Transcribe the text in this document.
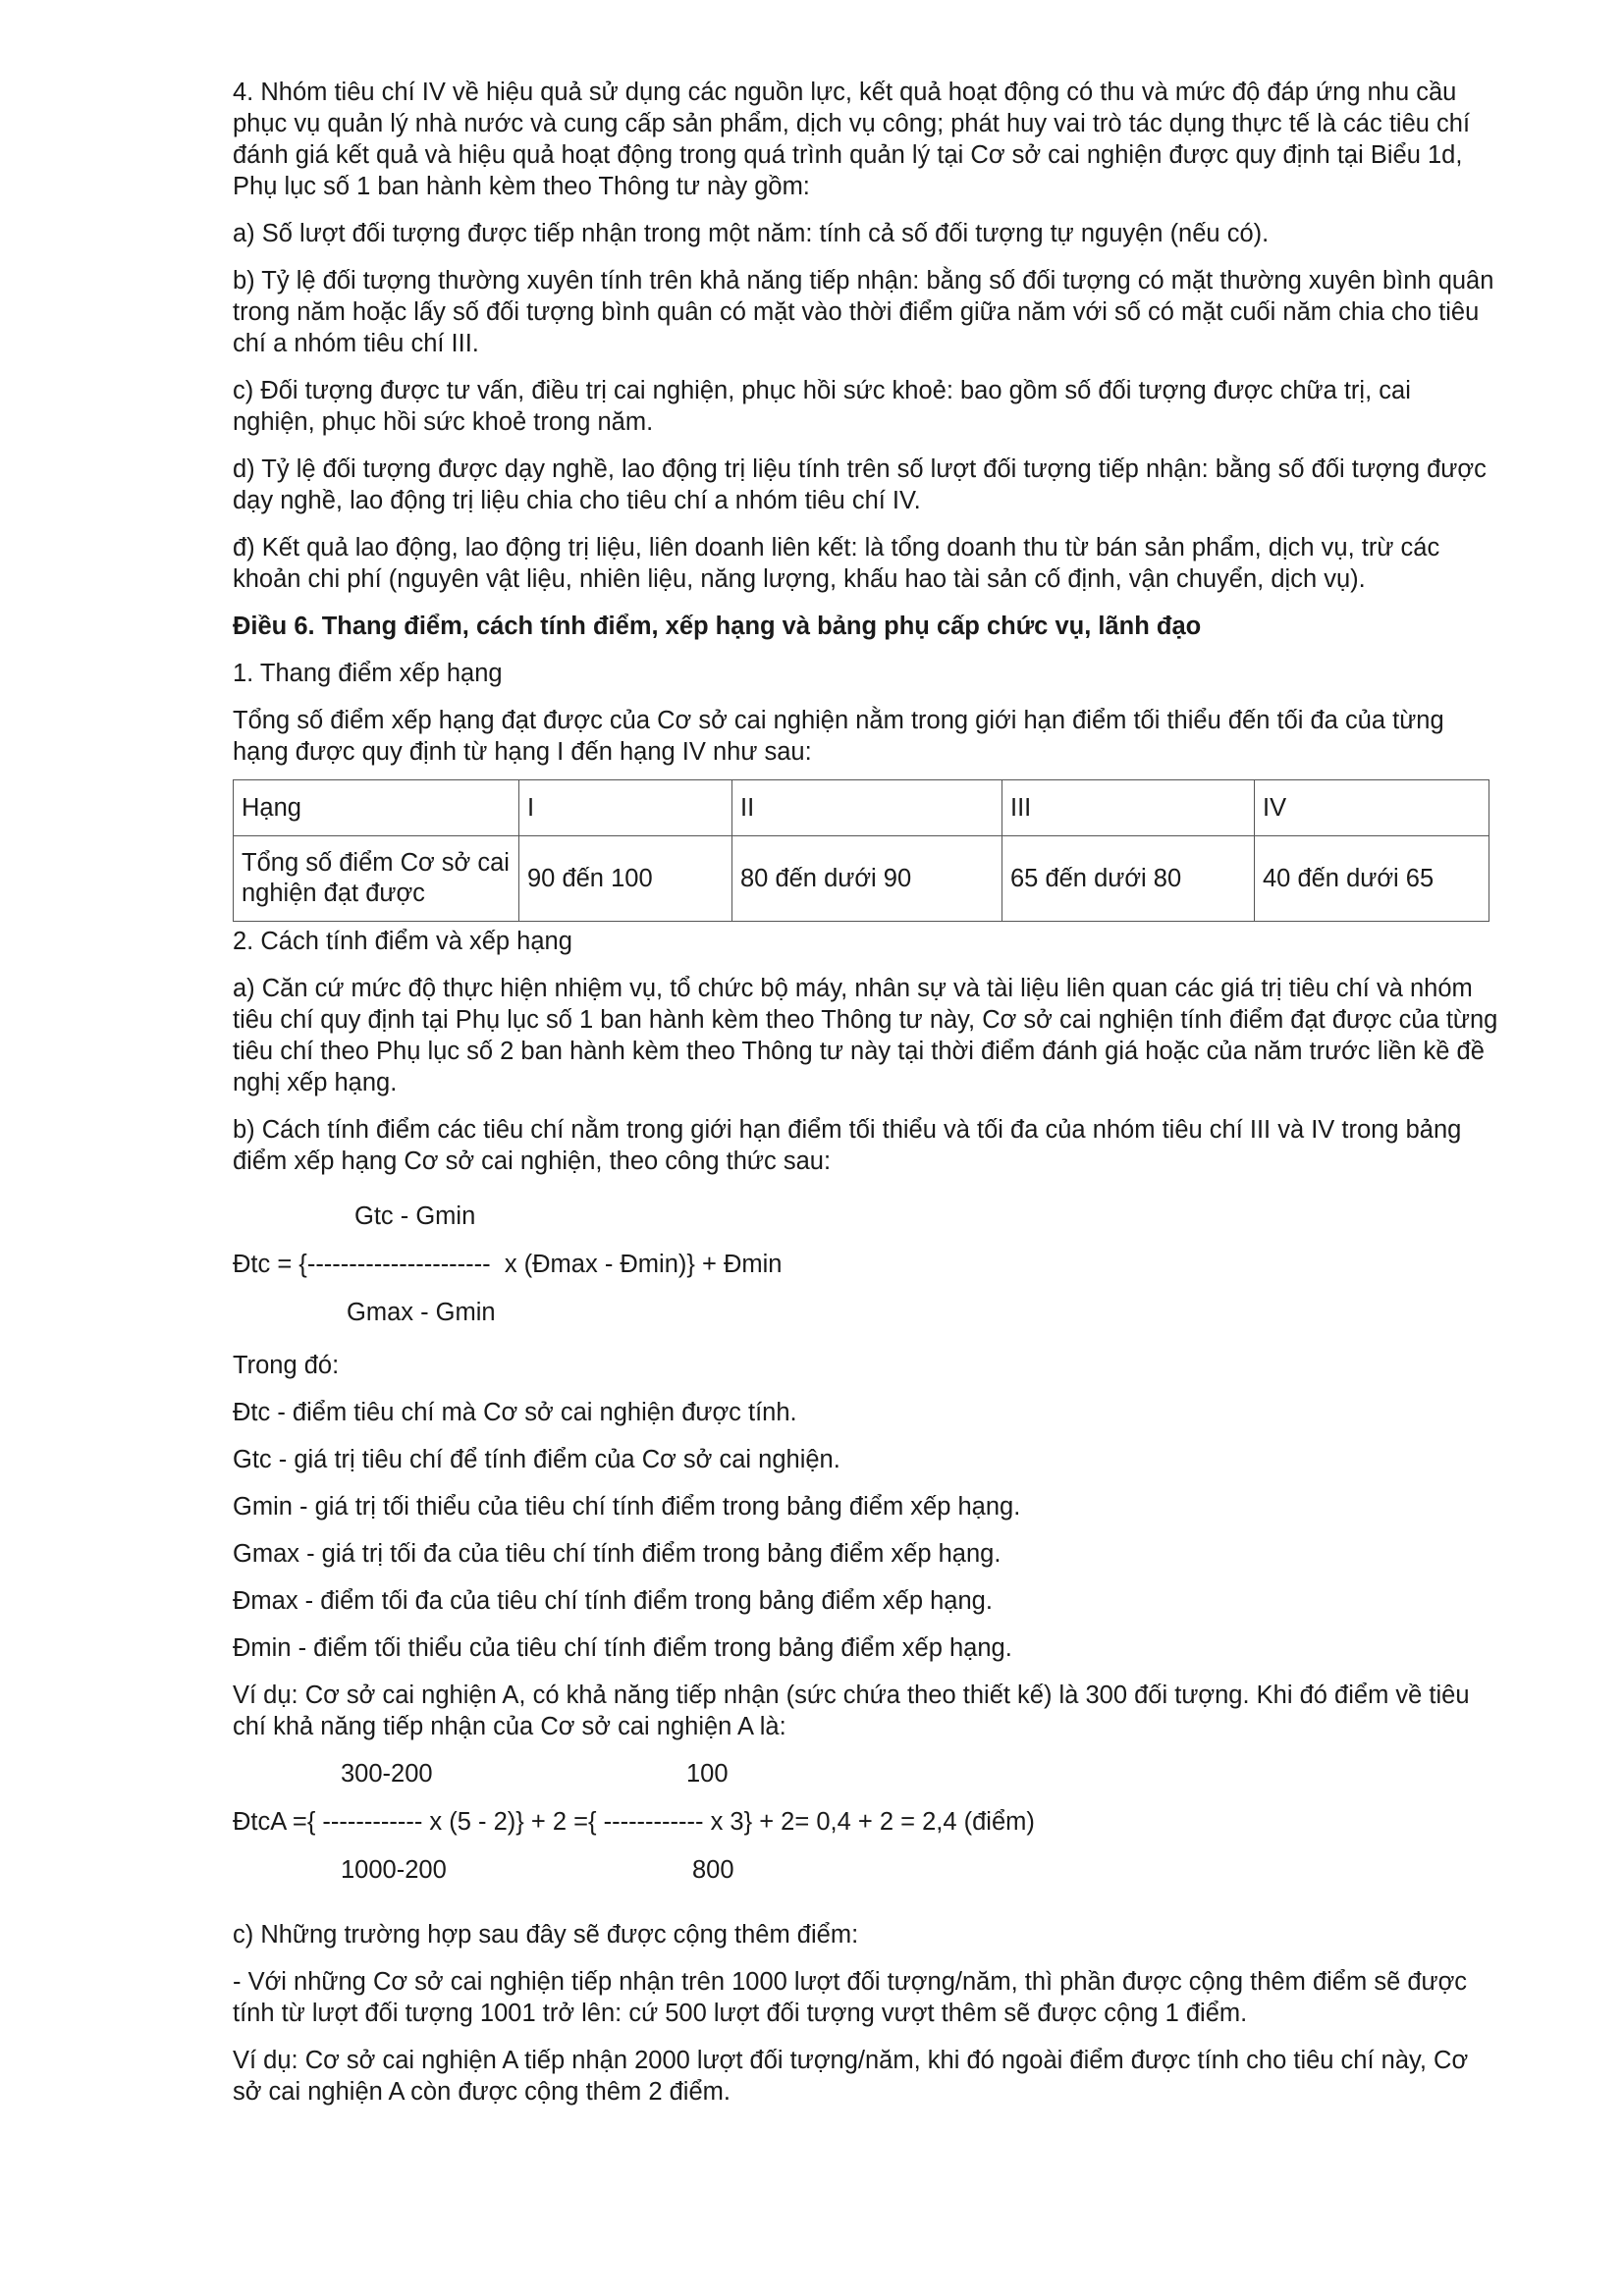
4. Nhóm tiêu chí IV về hiệu quả sử dụng các nguồn lực, kết quả hoạt động có thu và mức độ đáp ứng nhu cầu phục vụ quản lý nhà nước và cung cấp sản phẩm, dịch vụ công; phát huy vai trò tác dụng thực tế là các tiêu chí đánh giá kết quả và hiệu quả hoạt động trong quá trình quản lý tại Cơ sở cai nghiện được quy định tại Biểu 1d, Phụ lục số 1 ban hành kèm theo Thông tư này gồm:

a) Số lượt đối tượng được tiếp nhận trong một năm: tính cả số đối tượng tự nguyện (nếu có).

b) Tỷ lệ đối tượng thường xuyên tính trên khả năng tiếp nhận: bằng số đối tượng có mặt thường xuyên bình quân trong năm hoặc lấy số đối tượng bình quân có mặt vào thời điểm giữa năm với số có mặt cuối năm chia cho tiêu chí a nhóm tiêu chí III.

c) Đối tượng được tư vấn, điều trị cai nghiện, phục hồi sức khoẻ: bao gồm số đối tượng được chữa trị, cai nghiện, phục hồi sức khoẻ trong năm.

d) Tỷ lệ đối tượng được dạy nghề, lao động trị liệu tính trên số lượt đối tượng tiếp nhận: bằng số đối tượng được dạy nghề, lao động trị liệu chia cho tiêu chí a nhóm tiêu chí IV.

đ) Kết quả lao động, lao động trị liệu, liên doanh liên kết: là tổng doanh thu từ bán sản phẩm, dịch vụ, trừ các khoản chi phí (nguyên vật liệu, nhiên liệu, năng lượng, khấu hao tài sản cố định, vận chuyển, dịch vụ).

Điều 6. Thang điểm, cách tính điểm, xếp hạng và bảng phụ cấp chức vụ, lãnh đạo

1. Thang điểm xếp hạng

Tổng số điểm xếp hạng đạt được của Cơ sở cai nghiện nằm trong giới hạn điểm tối thiểu đến tối đa của từng hạng được quy định từ hạng I đến hạng IV như sau:

Hạng	I	II	III	IV
Tổng số điểm Cơ sở cai nghiện đạt được	90 đến 100	80 đến dưới 90	65 đến dưới 80	40 đến dưới 65

2. Cách tính điểm và xếp hạng

a) Căn cứ mức độ thực hiện nhiệm vụ, tổ chức bộ máy, nhân sự và tài liệu liên quan các giá trị tiêu chí và nhóm tiêu chí quy định tại Phụ lục số 1 ban hành kèm theo Thông tư này, Cơ sở cai nghiện tính điểm đạt được của từng tiêu chí theo Phụ lục số 2 ban hành kèm theo Thông tư này tại thời điểm đánh giá hoặc của năm trước liền kề đề nghị xếp hạng.

b) Cách tính điểm các tiêu chí nằm trong giới hạn điểm tối thiểu và tối đa của nhóm tiêu chí III và IV trong bảng điểm xếp hạng Cơ sở cai nghiện, theo công thức sau:

Gtc - Gmin
Đtc = {----------------------  x (Đmax - Đmin)} + Đmin
Gmax - Gmin

Trong đó:

Đtc - điểm tiêu chí mà Cơ sở cai nghiện được tính.

Gtc - giá trị tiêu chí để tính điểm của Cơ sở cai nghiện.

Gmin - giá trị tối thiểu của tiêu chí tính điểm trong bảng điểm xếp hạng.

Gmax - giá trị tối đa của tiêu chí tính điểm trong bảng điểm xếp hạng.

Đmax - điểm tối đa của tiêu chí tính điểm trong bảng điểm xếp hạng.

Đmin - điểm tối thiểu của tiêu chí tính điểm trong bảng điểm xếp hạng.

Ví dụ: Cơ sở cai nghiện A, có khả năng tiếp nhận (sức chứa theo thiết kế) là 300 đối tượng. Khi đó điểm về tiêu chí khả năng tiếp nhận của Cơ sở cai nghiện A là:

300-200	100
ĐtcA ={ ------------ x (5 - 2)} + 2 ={ ------------ x 3} + 2= 0,4 + 2 = 2,4 (điểm)
1000-200	800

c) Những trường hợp sau đây sẽ được cộng thêm điểm:

- Với những Cơ sở cai nghiện tiếp nhận trên 1000 lượt đối tượng/năm, thì phần được cộng thêm điểm sẽ được tính từ lượt đối tượng 1001 trở lên: cứ 500 lượt đối tượng vượt thêm sẽ được cộng 1 điểm.

Ví dụ: Cơ sở cai nghiện A tiếp nhận 2000 lượt đối tượng/năm, khi đó ngoài điểm được tính cho tiêu chí này, Cơ sở cai nghiện A còn được cộng thêm 2 điểm.
